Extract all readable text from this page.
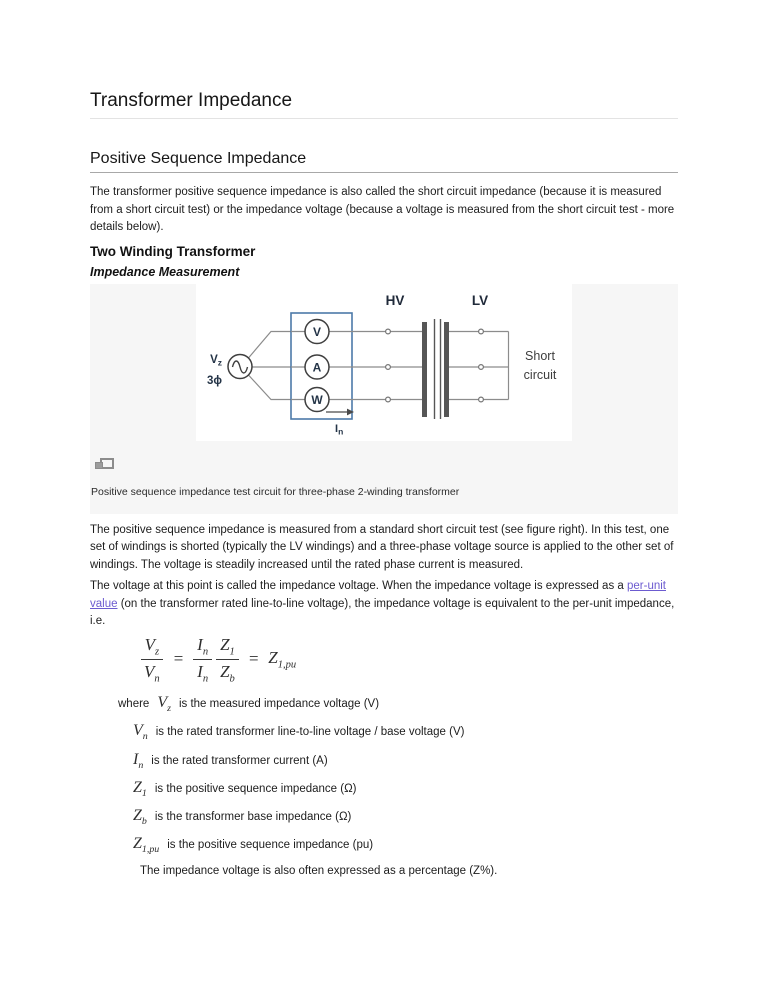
Transformer Impedance
Positive Sequence Impedance

The transformer positive sequence impedance is also called the short circuit impedance (because it is measured from a short circuit test) or the impedance voltage (because a voltage is measured from the short circuit test - more details below).

Two Winding Transformer
Impedance Measurement
V
A
W
HV	LV
Short
circuit
$V_z$
3ϕ
$I_n$
Positive sequence impedance test circuit for three-phase 2-winding transformer

The positive sequence impedance is measured from a standard short circuit test (see figure right). In this test, one set of windings is shorted (typically the LV windings) and a three-phase voltage source is applied to the other set of windings. The voltage is steadily increased until the rated phase current is measured.

The voltage at this point is called the impedance voltage. When the impedance voltage is expressed as a per-unit value (on the transformer rated line-to-line voltage), the impedance voltage is equivalent to the per-unit impedance, i.e.

$\frac{V_z}{V_n} = \frac{I_n}{I_n} \frac{Z_1}{Z_b} = Z_{1,pu}$
where $V_z$ is the measured impedance voltage (V)
$V_n$ is the rated transformer line-to-line voltage / base voltage (V)
$I_n$ is the rated transformer current (A)
$Z_1$ is the positive sequence impedance (Ω)
$Z_b$ is the transformer base impedance (Ω)
$Z_{1,pu}$ is the positive sequence impedance (pu)

The impedance voltage is also often expressed as a percentage (Z%).
